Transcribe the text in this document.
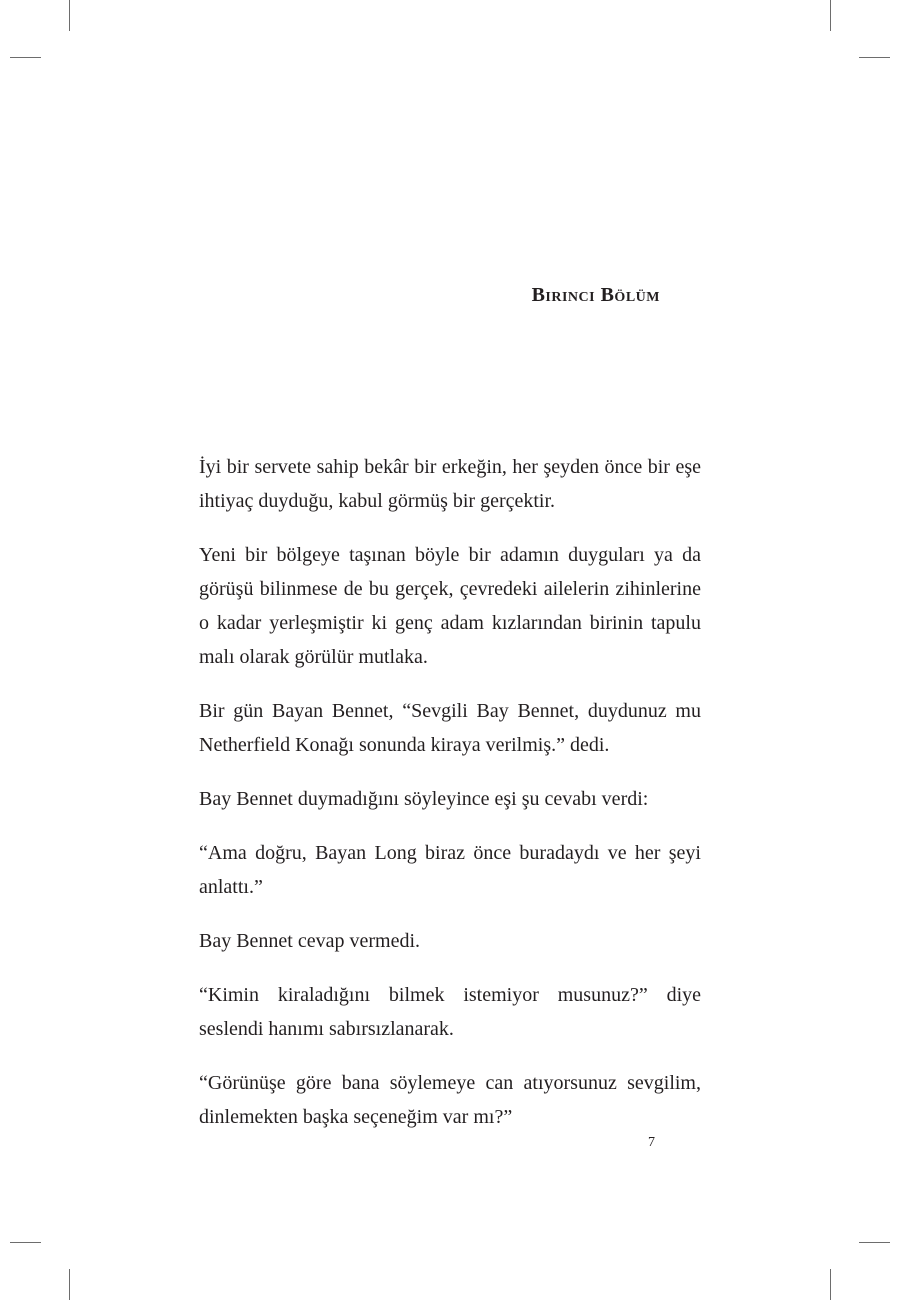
Birinci Bölüm

İyi bir servete sahip bekâr bir erkeğin, her şeyden önce bir eşe ihtiyaç duyduğu, kabul görmüş bir gerçektir.

Yeni bir bölgeye taşınan böyle bir adamın duyguları ya da görüşü bilinmese de bu gerçek, çevredeki ailelerin zihinlerine o kadar yerleşmiştir ki genç adam kızlarından birinin tapulu malı olarak görülür mutlaka.

Bir gün Bayan Bennet, “Sevgili Bay Bennet, duydunuz mu Netherfield Konağı sonunda kiraya verilmiş.” dedi.

Bay Bennet duymadığını söyleyince eşi şu cevabı verdi:

“Ama doğru, Bayan Long biraz önce buradaydı ve her şeyi anlattı.”

Bay Bennet cevap vermedi.

“Kimin kiraladığını bilmek istemiyor musunuz?” diye seslendi hanımı sabırsızlanarak.

“Görünüşe göre bana söylemeye can atıyorsunuz sevgilim, dinlemekten başka seçeneğim var mı?”

7
